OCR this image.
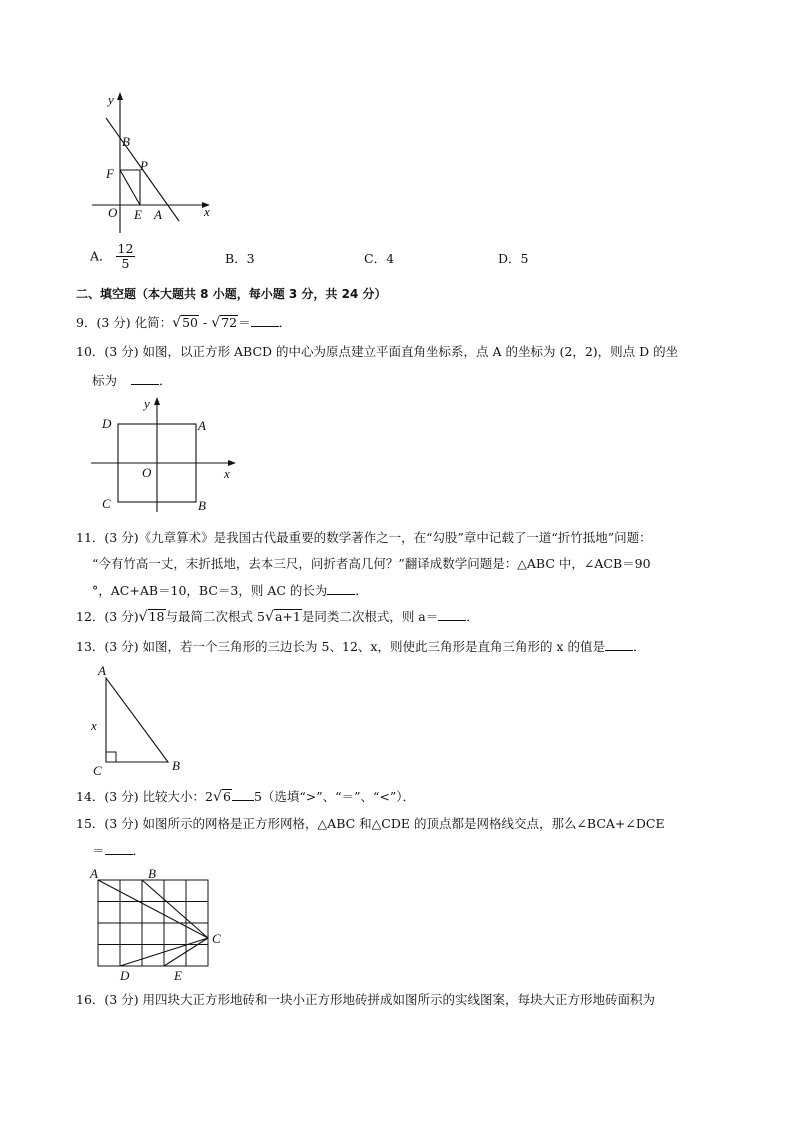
y
B
P
F
O E A	x
A． $\frac{12}{5}$	B．3	C．4	D．5
二、填空题（本大题共 8 小题，每小题 3 分，共 24 分）
9．(3 分) 化简： √ 50 - √ 72＝ ．
10．(3 分) 如图，以正方形 ABCD 的中心为原点建立平面直角坐标系，点 A 的坐标为 (2，2)，则点 D 的坐
标为	．
y
D	A
O	x
C	B
11．(3 分)《九章算术》是我国古代最重要的数学著作之一，在“勾股”章中记载了一道“折竹抵地”问题：
“今有竹高一丈，末折抵地，去本三尺，问折者高几何？”翻译成数学问题是：△ABC 中，∠ACB＝90
°，AC+AB＝10，BC＝3，则 AC 的长为 ．
12．(3 分) √ 18与最简二次根式 5 √ a+1是同类二次根式，则 a＝ ．
13．(3 分) 如图，若一个三角形的三边长为 5、12、x，则使此三角形是直角三角形的 x 的值是 ．
A
x
C	B
14．(3 分) 比较大小：2 √ 6 5（选填“>”、“＝”、“<”）．
15．(3 分) 如图所示的网格是正方形网格，△ABC 和△CDE 的顶点都是网格线交点，那么∠BCA+∠DCE
＝ ．
A	B
C
D	E
16．(3 分) 用四块大正方形地砖和一块小正方形地砖拼成如图所示的实线图案，每块大正方形地砖面积为
